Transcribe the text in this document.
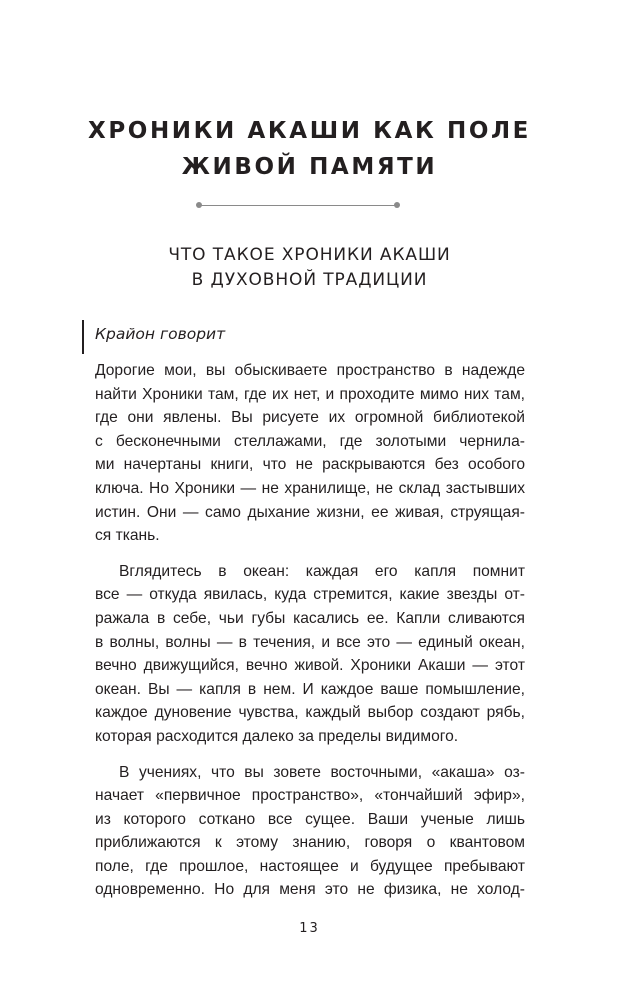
ХРОНИКИ АКАШИ КАК ПОЛЕ
ЖИВОЙ ПАМЯТИ
ЧТО ТАКОЕ ХРОНИКИ АКАШИ
В ДУХОВНОЙ ТРАДИЦИИ
Крайон говорит

Дорогие мои, вы обыскиваете пространство в надежде
найти Хроники там, где их нет, и проходите мимо них там,
где они явлены. Вы рисуете их огромной библиотекой
с бесконечными стеллажами, где золотыми чернила-
ми начертаны книги, что не раскрываются без особого
ключа. Но Хроники — не хранилище, не склад застывших
истин. Они — само дыхание жизни, ее живая, струящая-
ся ткань.

Вглядитесь в океан: каждая его капля помнит
все — откуда явилась, куда стремится, какие звезды от-
ражала в себе, чьи губы касались ее. Капли сливаются
в волны, волны — в течения, и все это — единый океан,
вечно движущийся, вечно живой. Хроники Акаши — этот
океан. Вы — капля в нем. И каждое ваше помышление,
каждое дуновение чувства, каждый выбор создают рябь,
которая расходится далеко за пределы видимого.

В учениях, что вы зовете восточными, «акаша» оз-
начает «первичное пространство», «тончайший эфир»,
из которого соткано все сущее. Ваши ученые лишь
приближаются к этому знанию, говоря о квантовом
поле, где прошлое, настоящее и будущее пребывают
одновременно. Но для меня это не физика, не холод-

13
